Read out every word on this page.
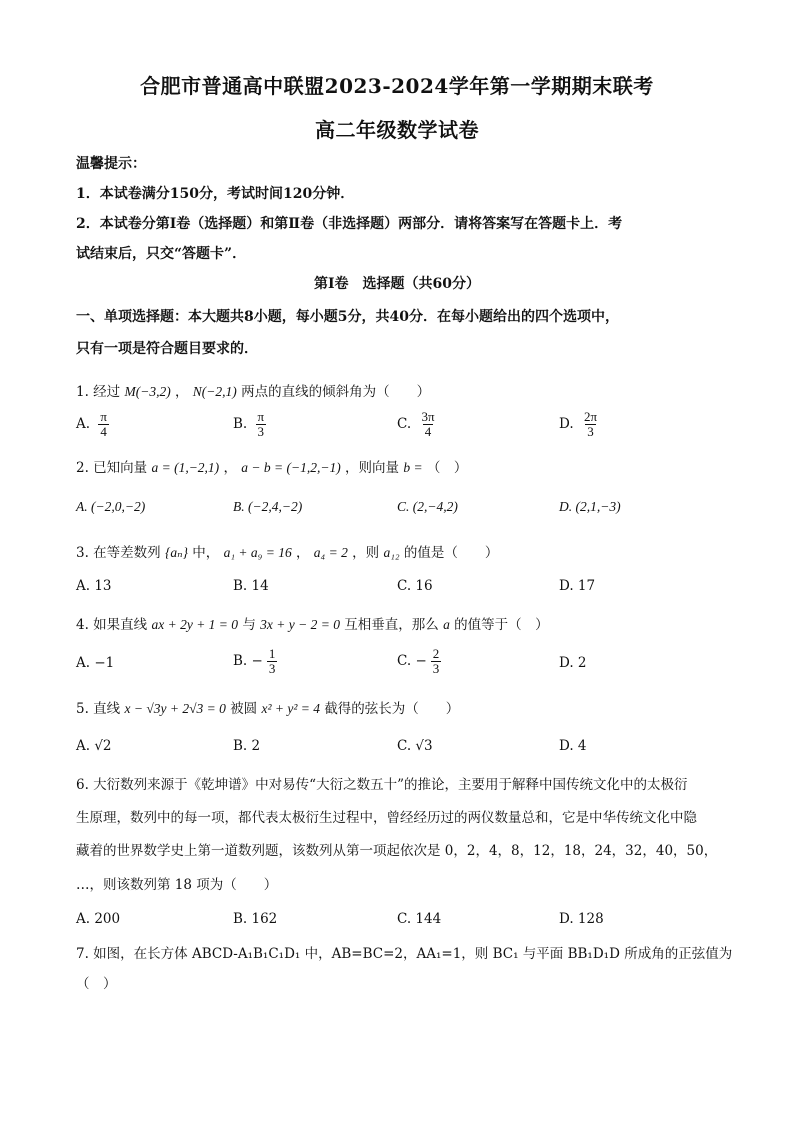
合肥市普通高中联盟2023-2024学年第一学期期末联考
高二年级数学试卷
温馨提示：
1．本试卷满分150分，考试时间120分钟．
2．本试卷分第Ⅰ卷（选择题）和第Ⅱ卷（非选择题）两部分．请将答案写在答题卡上．考
试结束后，只交“答题卡”．
第Ⅰ卷　选择题（共60分）
一、单项选择题：本大题共8小题，每小题5分，共40分．在每小题给出的四个选项中，
只有一项是符合题目要求的．
1. 经过 M(−3,2) ， N(−2,1) 两点的直线的倾斜角为（　　）
A. $\frac{\pi}{4}$	B. $\frac{\pi}{3}$	C. $\frac{3\pi}{4}$	D. $\frac{2\pi}{3}$
2. 已知向量 a = (1,−2,1) ， a − b = (−1,2,−1) ，则向量 b = （　）
A. (−2,0,−2)	B. (−2,4,−2)	C. (2,−4,2)	D. (2,1,−3)
3. 在等差数列 {aₙ} 中， a₁ + a₉ = 16 ， a₄ = 2 ，则 a₁₂ 的值是（　　）
A. 13	B. 14	C. 16	D. 17
4. 如果直线 ax + 2y + 1 = 0 与 3x + y − 2 = 0 互相垂直，那么 a 的值等于（　）
A. −1	B. − $\frac{1}{3}$	C. − $\frac{2}{3}$	D. 2
5. 直线 x − √3y + 2√3 = 0 被圆 x² + y² = 4 截得的弦长为（　　）
A. √2	B. 2	C. √3	D. 4
6. 大衍数列来源于《乾坤谱》中对易传“大衍之数五十”的推论，主要用于解释中国传统文化中的太极衍
生原理，数列中的每一项，都代表太极衍生过程中，曾经经历过的两仪数量总和，它是中华传统文化中隐
藏着的世界数学史上第一道数列题，该数列从第一项起依次是 0，2，4，8，12，18，24，32，40，50，
…，则该数列第 18 项为（　　）
A. 200	B. 162	C. 144	D. 128
7. 如图，在长方体 ABCD-A₁B₁C₁D₁ 中，AB=BC=2，AA₁=1，则 BC₁ 与平面 BB₁D₁D 所成角的正弦值为
（　）
